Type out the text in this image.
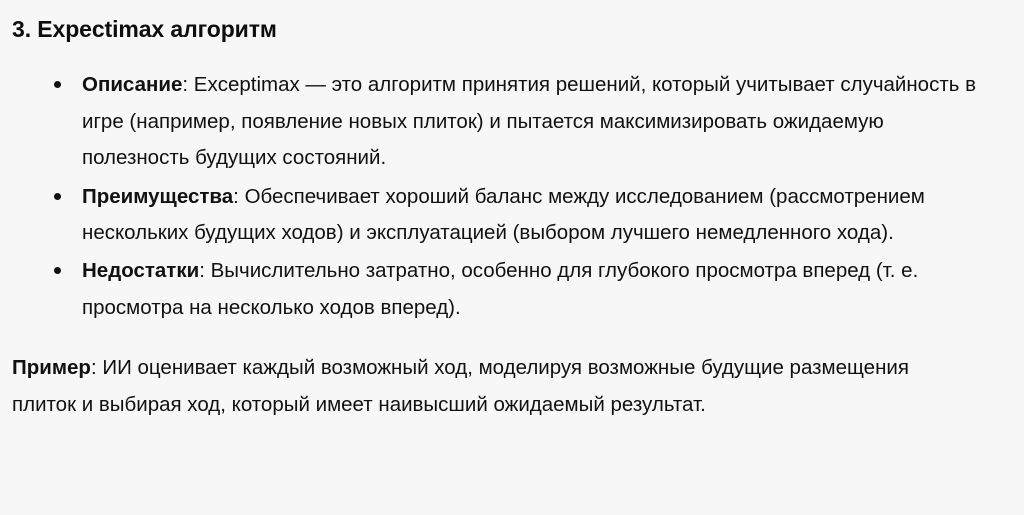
3. Expectimax алгоритм
Описание: Exceptimax — это алгоритм принятия решений, который учитывает случайность в игре (например, появление новых плиток) и пытается максимизировать ожидаемую полезность будущих состояний.
Преимущества: Обеспечивает хороший баланс между исследованием (рассмотрением нескольких будущих ходов) и эксплуатацией (выбором лучшего немедленного хода).
Недостатки: Вычислительно затратно, особенно для глубокого просмотра вперед (т. е. просмотра на несколько ходов вперед).

Пример: ИИ оценивает каждый возможный ход, моделируя возможные будущие размещения плиток и выбирая ход, который имеет наивысший ожидаемый результат.
